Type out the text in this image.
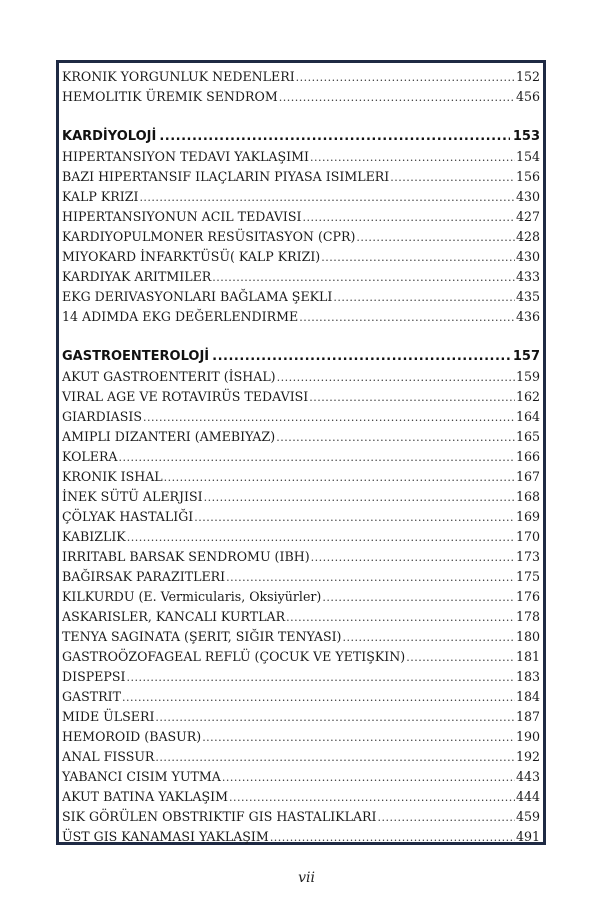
KRONIK YORGUNLUK NEDENLERI .....	152
HEMOLITIK ÜREMIK SENDROM .....	456
KARDİYOLOJİ .....	153
HIPERTANSIYON TEDAVI YAKLAŞIMI .....	154
BAZI HIPERTANSIF ILAÇLARIN PIYASA ISIMLERI .....	156
KALP KRIZI .....	430
HIPERTANSIYONUN ACIL TEDAVISI .....	427
KARDIYOPULMONER RESÜSITASYON (CPR) .....	428
MIYOKARD İNFARKTÜSÜ( KALP KRIZI) .....	430
KARDIYAK ARITMILER .....	433
EKG DERIVASYONLARI BAĞLAMA ŞEKLI .....	435
14 ADIMDA EKG DEĞERLENDIRME .....	436
GASTROENTEROLOJİ .....	157
AKUT GASTROENTERIT (İSHAL) .....	159
VIRAL AGE VE ROTAVIRÜS TEDAVISI .....	162
GIARDIASIS .....	164
AMIPLI DIZANTERI (AMEBIYAZ) .....	165
KOLERA .....	166
KRONIK ISHAL .....	167
İNEK SÜTÜ ALERJISI .....	168
ÇÖLYAK HASTALIĞI .....	169
KABIZLIK .....	170
IRRITABL BARSAK SENDROMU (IBH) .....	173
BAĞIRSAK PARAZITLERI .....	175
KILKURDU (E. Vermicularis, Oksiyürler) .....	176
ASKARISLER, KANCALI KURTLAR .....	178
TENYA SAGINATA (ŞERIT, SIĞIR TENYASI) .....	180
GASTROÖZOFAGEAL REFLÜ (ÇOCUK VE YETIŞKIN) .....	181
DISPEPSI .....	183
GASTRIT .....	184
MIDE ÜLSERI .....	187
HEMOROID (BASUR) .....	190
ANAL FISSUR .....	192
YABANCI CISIM YUTMA .....	443
AKUT BATINA YAKLAŞIM .....	444
SIK GÖRÜLEN OBSTRIKTIF GIS HASTALIKLARI .....	459
ÜST GIS KANAMASI YAKLAŞIM .....	491
vii
